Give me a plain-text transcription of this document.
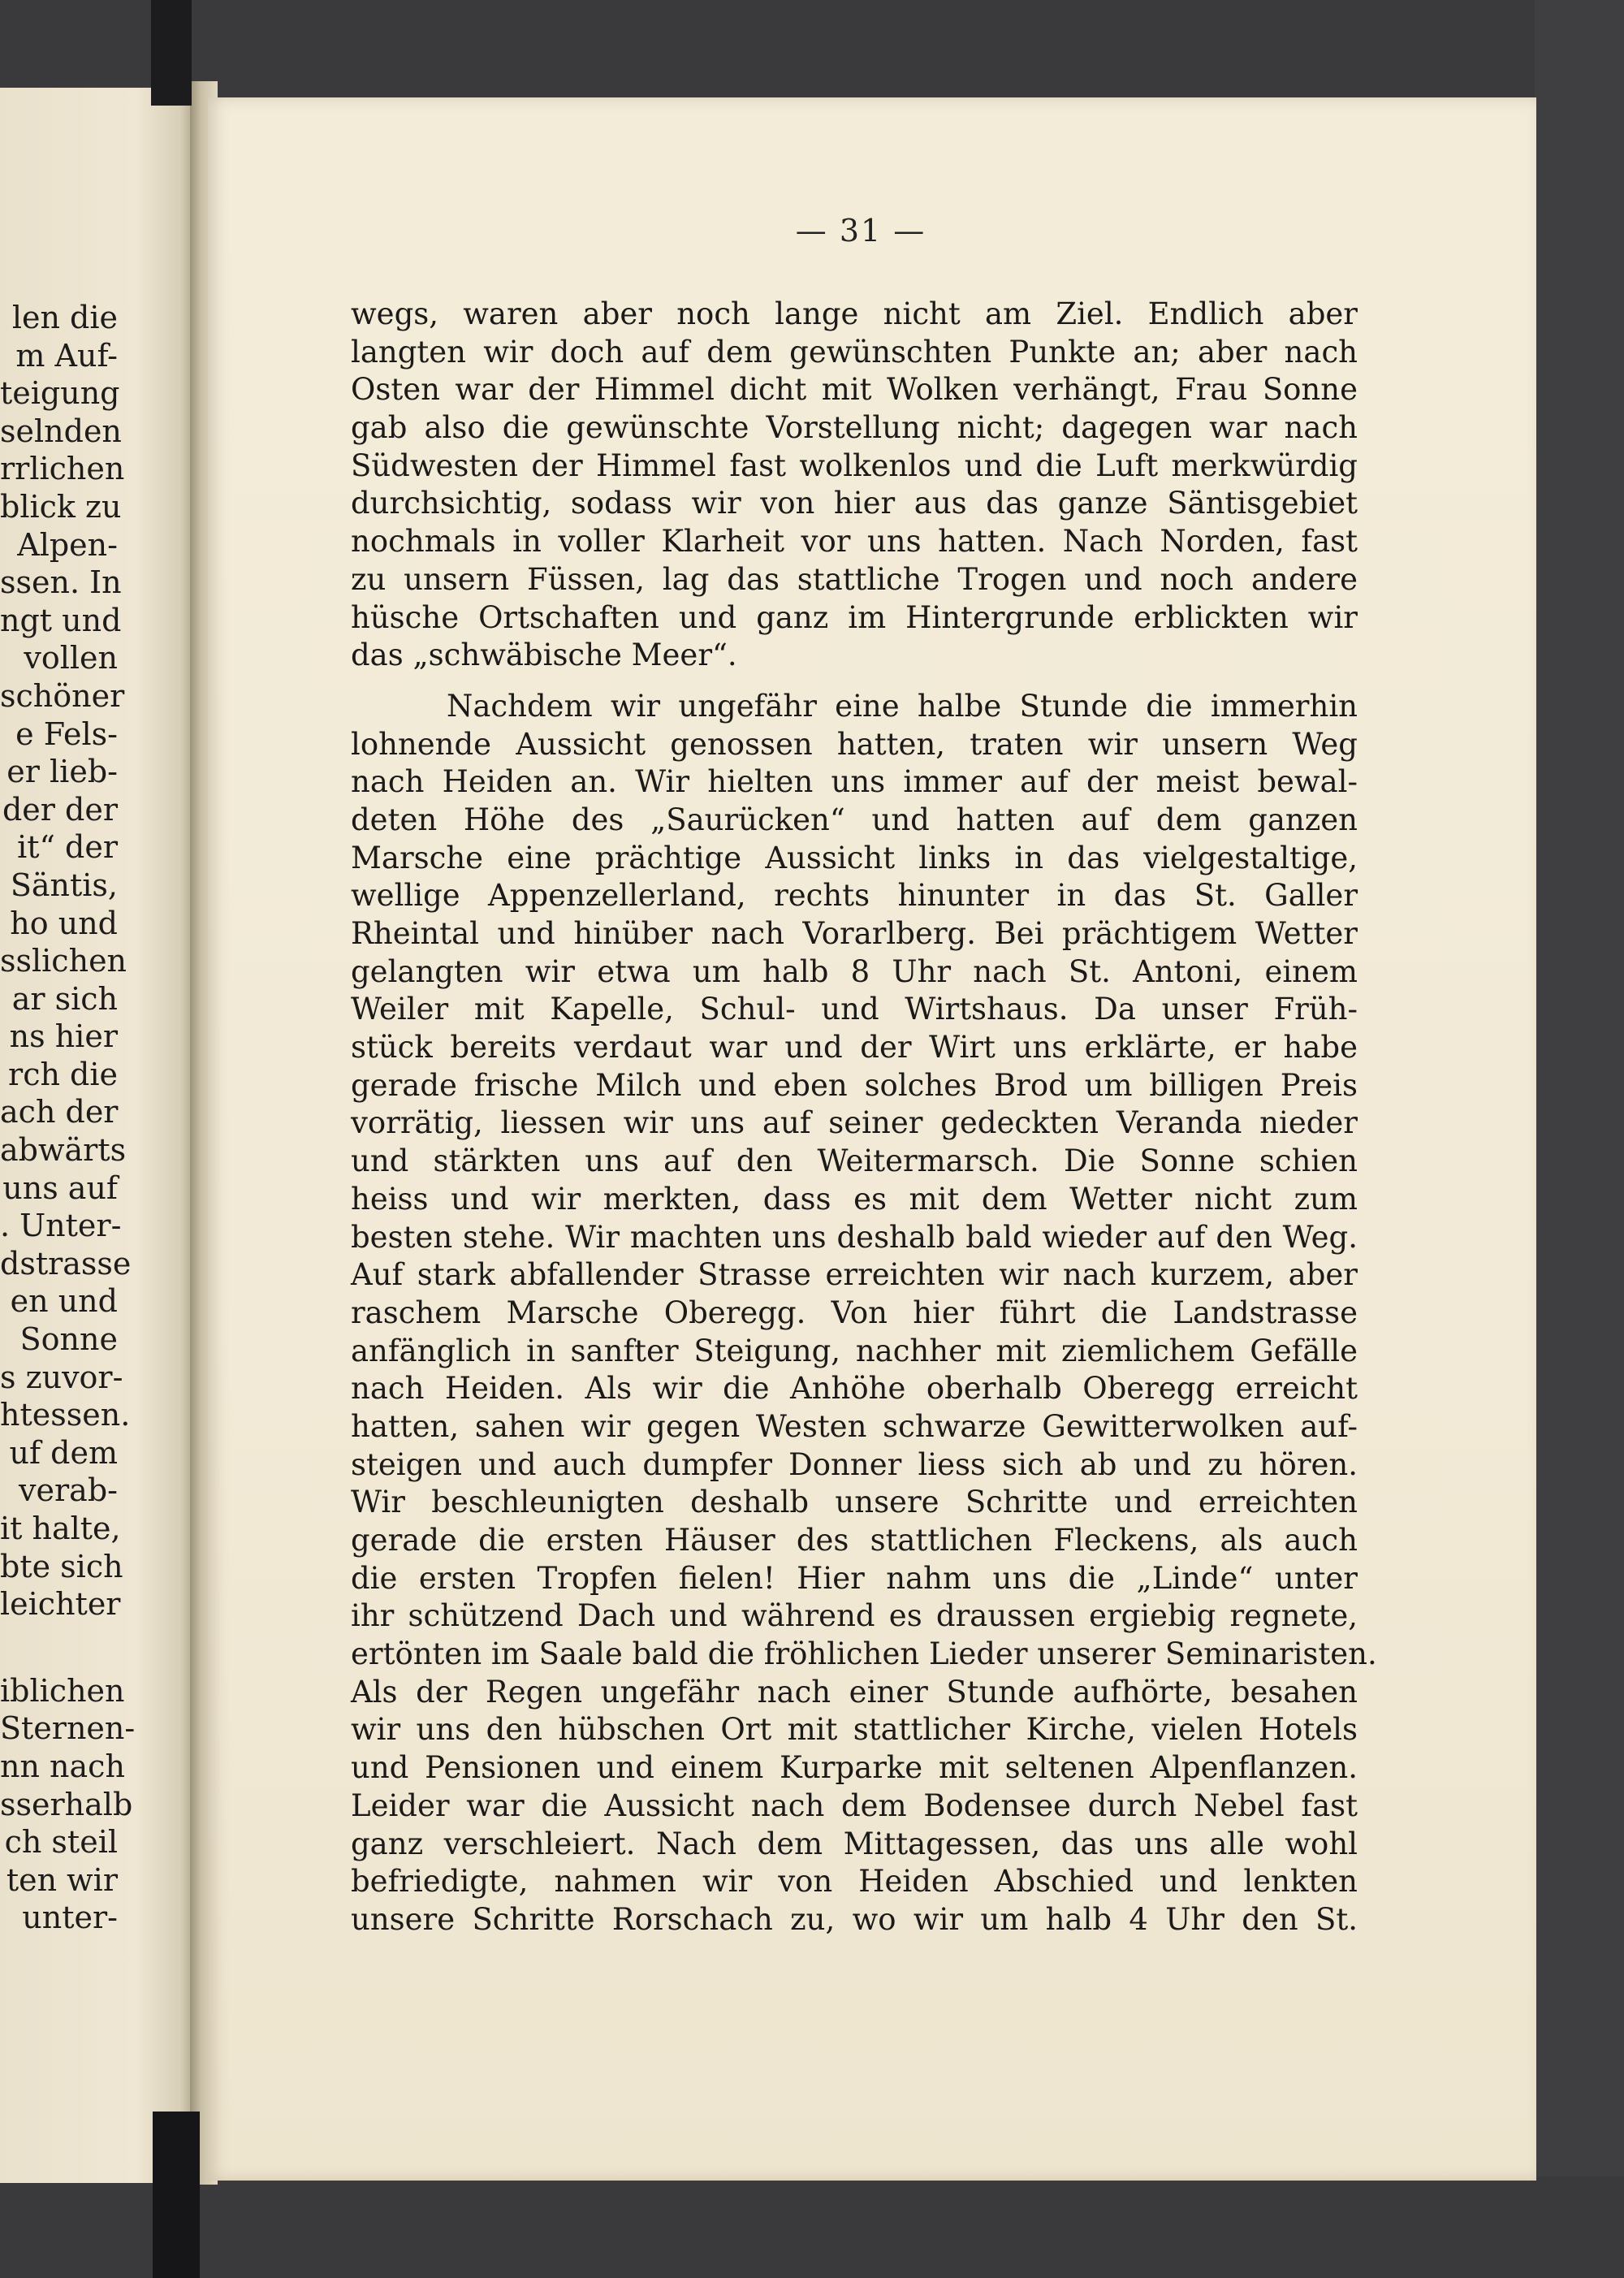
len die
m Auf-
teigung
selnden
rrlichen
blick zu
Alpen-
ssen. In
ngt und
vollen
schöner
e Fels-
er lieb-
der der
it“ der
Säntis,
ho und
sslichen
ar sich
ns hier
rch die
ach der
abwärts
uns auf
. Unter-
dstrasse
en und
Sonne
s zuvor-
htessen.
uf dem
verab-
it halte,
bte sich
leichter
iblichen
Sternen-
nn nach
sserhalb
ch steil
ten wir
unter-
— 31 —
wegs, waren aber noch lange nicht am Ziel. Endlich aber
langten wir doch auf dem gewünschten Punkte an; aber nach
Osten war der Himmel dicht mit Wolken verhängt, Frau Sonne
gab also die gewünschte Vorstellung nicht; dagegen war nach
Südwesten der Himmel fast wolkenlos und die Luft merkwürdig
durchsichtig, sodass wir von hier aus das ganze Säntisgebiet
nochmals in voller Klarheit vor uns hatten. Nach Norden, fast
zu unsern Füssen, lag das stattliche Trogen und noch andere
hüsche Ortschaften und ganz im Hintergrunde erblickten wir
das „schwäbische Meer“.
Nachdem wir ungefähr eine halbe Stunde die immerhin
lohnende Aussicht genossen hatten, traten wir unsern Weg
nach Heiden an. Wir hielten uns immer auf der meist bewal-
deten Höhe des „Saurücken“ und hatten auf dem ganzen
Marsche eine prächtige Aussicht links in das vielgestaltige,
wellige Appenzellerland, rechts hinunter in das St. Galler
Rheintal und hinüber nach Vorarlberg. Bei prächtigem Wetter
gelangten wir etwa um halb 8 Uhr nach St. Antoni, einem
Weiler mit Kapelle, Schul- und Wirtshaus. Da unser Früh-
stück bereits verdaut war und der Wirt uns erklärte, er habe
gerade frische Milch und eben solches Brod um billigen Preis
vorrätig, liessen wir uns auf seiner gedeckten Veranda nieder
und stärkten uns auf den Weitermarsch. Die Sonne schien
heiss und wir merkten, dass es mit dem Wetter nicht zum
besten stehe. Wir machten uns deshalb bald wieder auf den Weg.
Auf stark abfallender Strasse erreichten wir nach kurzem, aber
raschem Marsche Oberegg. Von hier führt die Landstrasse
anfänglich in sanfter Steigung, nachher mit ziemlichem Gefälle
nach Heiden. Als wir die Anhöhe oberhalb Oberegg erreicht
hatten, sahen wir gegen Westen schwarze Gewitterwolken auf-
steigen und auch dumpfer Donner liess sich ab und zu hören.
Wir beschleunigten deshalb unsere Schritte und erreichten
gerade die ersten Häuser des stattlichen Fleckens, als auch
die ersten Tropfen fielen! Hier nahm uns die „Linde“ unter
ihr schützend Dach und während es draussen ergiebig regnete,
ertönten im Saale bald die fröhlichen Lieder unserer Seminaristen.
Als der Regen ungefähr nach einer Stunde aufhörte, besahen
wir uns den hübschen Ort mit stattlicher Kirche, vielen Hotels
und Pensionen und einem Kurparke mit seltenen Alpenflanzen.
Leider war die Aussicht nach dem Bodensee durch Nebel fast
ganz verschleiert. Nach dem Mittagessen, das uns alle wohl
befriedigte, nahmen wir von Heiden Abschied und lenkten
unsere Schritte Rorschach zu, wo wir um halb 4 Uhr den St.
